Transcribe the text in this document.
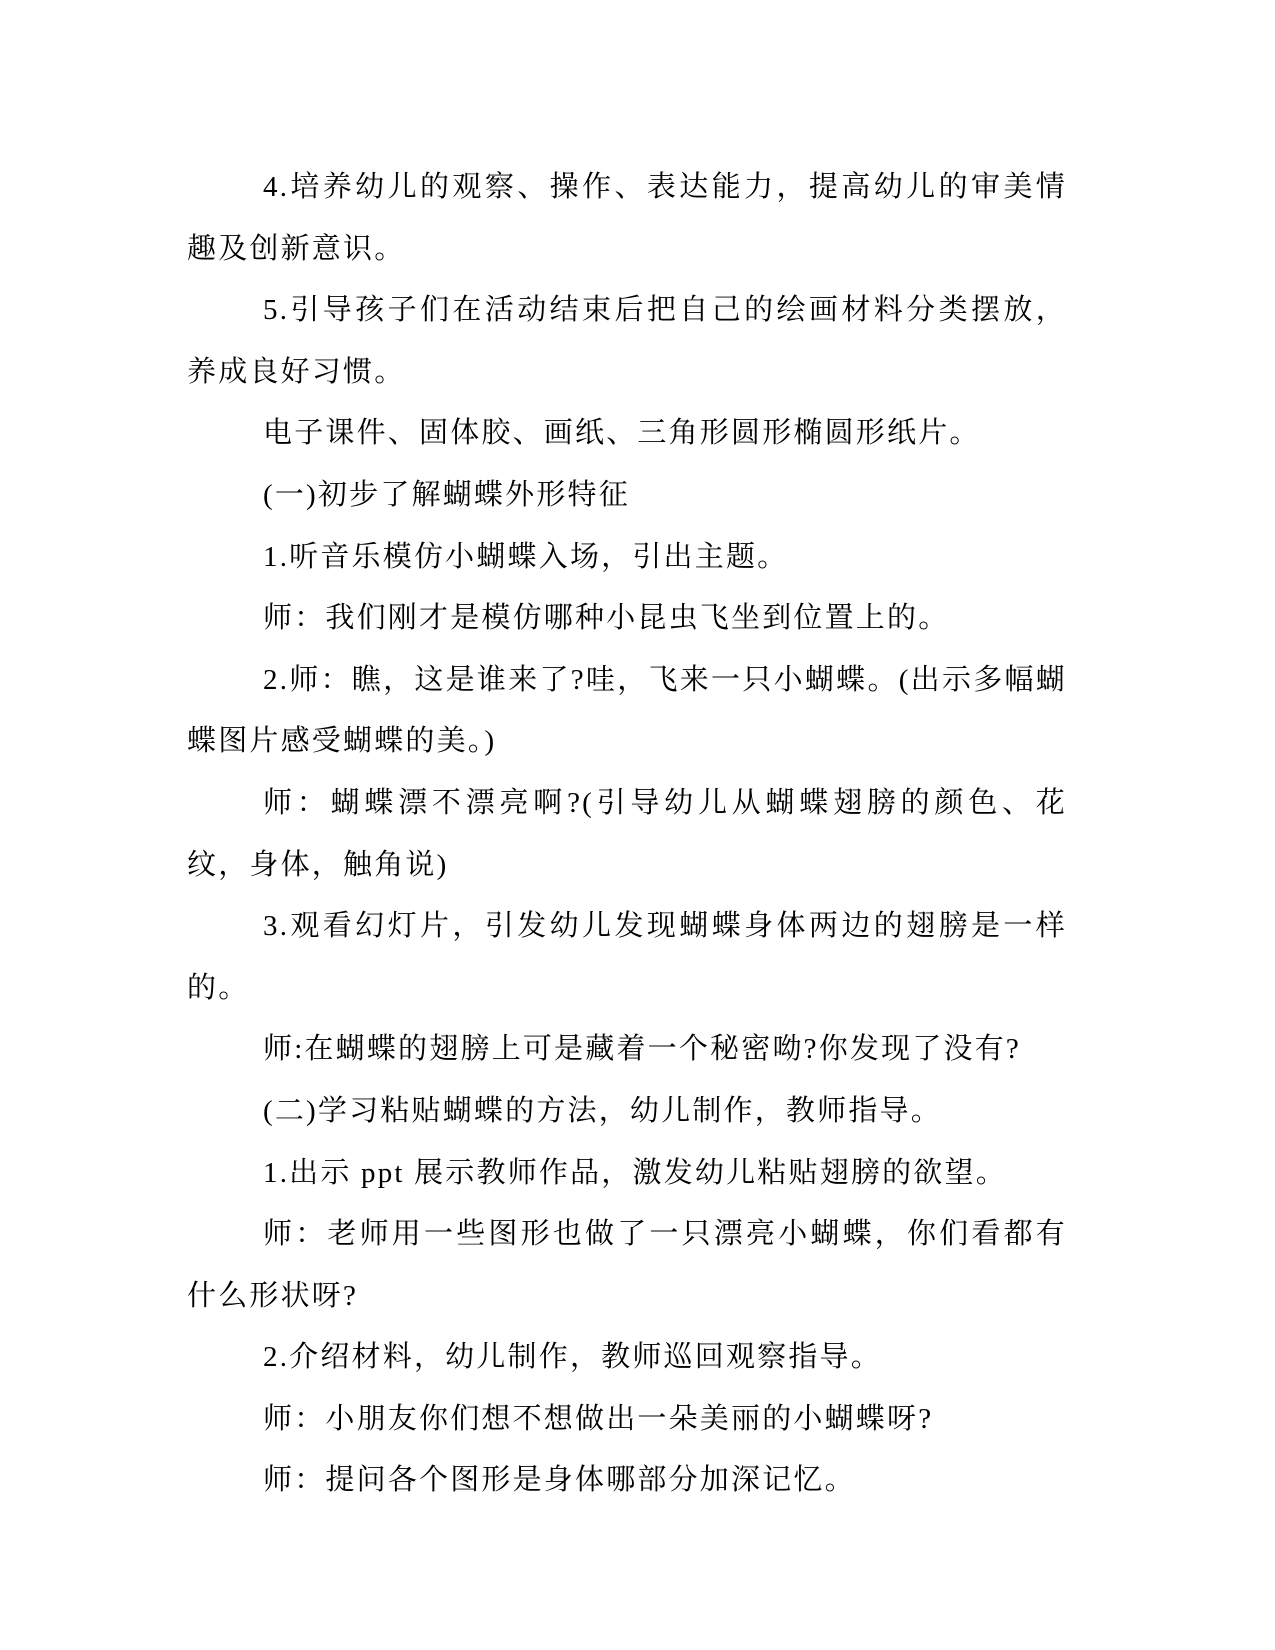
4.培养幼儿的观察、操作、表达能力，提高幼儿的审美情趣及创新意识。

5.引导孩子们在活动结束后把自己的绘画材料分类摆放，养成良好习惯。

电子课件、固体胶、画纸、三角形圆形椭圆形纸片。

(一)初步了解蝴蝶外形特征

1.听音乐模仿小蝴蝶入场，引出主题。

师：我们刚才是模仿哪种小昆虫飞坐到位置上的。

2.师：瞧，这是谁来了?哇，飞来一只小蝴蝶。(出示多幅蝴蝶图片感受蝴蝶的美。)

师：蝴蝶漂不漂亮啊?(引导幼儿从蝴蝶翅膀的颜色、花纹，身体，触角说)

3.观看幻灯片，引发幼儿发现蝴蝶身体两边的翅膀是一样的。

师:在蝴蝶的翅膀上可是藏着一个秘密呦?你发现了没有?

(二)学习粘贴蝴蝶的方法，幼儿制作，教师指导。

1.出示 ppt 展示教师作品，激发幼儿粘贴翅膀的欲望。

师：老师用一些图形也做了一只漂亮小蝴蝶，你们看都有什么形状呀?

2.介绍材料，幼儿制作，教师巡回观察指导。

师：小朋友你们想不想做出一朵美丽的小蝴蝶呀?

师：提问各个图形是身体哪部分加深记忆。
